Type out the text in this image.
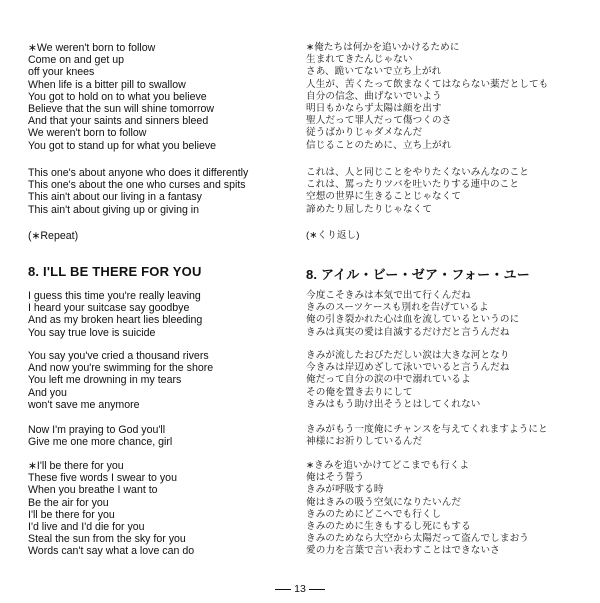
∗We weren't born to follow
Come on and get up
off your knees
When life is a bitter pill to swallow
You got to hold on to what you believe
Believe that the sun will shine tomorrow
And that your saints and sinners bleed
We weren't born to follow
You got to stand up for what you believe
This one's about anyone who does it differently
This one's about the one who curses and spits
This ain't about our living in a fantasy
This ain't about giving up or giving in
(∗Repeat)
8. I'LL BE THERE FOR YOU
I guess this time you're really leaving
I heard your suitcase say goodbye
And as my broken heart lies bleeding
You say true love is suicide
You say you've cried a thousand rivers
And now you're swimming for the shore
You left me drowning in my tears
And you
won't save me anymore
Now I'm praying to God you'll
Give me one more chance, girl
∗I'll be there for you
These five words I swear to you
When you breathe I want to
Be the air for you
I'll be there for you
I'd live and I'd die for you
Steal the sun from the sky for you
Words can't say what a love can do
∗俺たちは何かを追いかけるために
生まれてきたんじゃない
さあ、跪いてないで立ち上がれ
人生が、苦くたって飲まなくてはならない薬だとしても
自分の信念、曲げないでいよう
明日もかならず太陽は顔を出す
聖人だって罪人だって傷つくのさ
従うばかりじゃダメなんだ
信じることのために、立ち上がれ
これは、人と同じことをやりたくないみんなのこと
これは、罵ったりツバを吐いたりする連中のこと
空想の世界に生きることじゃなくて
諦めたり屈したりじゃなくて
(∗くり返し)
8. アイル・ビー・ゼア・フォー・ユー
今度こそきみは本気で出て行くんだね
きみのスーツケースも別れを告げているよ
俺の引き裂かれた心は血を流しているというのに
きみは真実の愛は自滅するだけだと言うんだね
きみが流したおびただしい涙は大きな河となり
今きみは岸辺めざして泳いでいると言うんだね
俺だって自分の涙の中で溺れているよ
その俺を置き去りにして
きみはもう助け出そうとはしてくれない
きみがもう一度俺にチャンスを与えてくれますようにと
神様にお祈りしているんだ
∗きみを追いかけてどこまでも行くよ
俺はそう誓う
きみが呼吸する時
俺はきみの吸う空気になりたいんだ
きみのためにどこへでも行くし
きみのために生きもするし死にもする
きみのためなら大空から太陽だって盗んでしまおう
愛の力を言葉で言い表わすことはできないさ
13
